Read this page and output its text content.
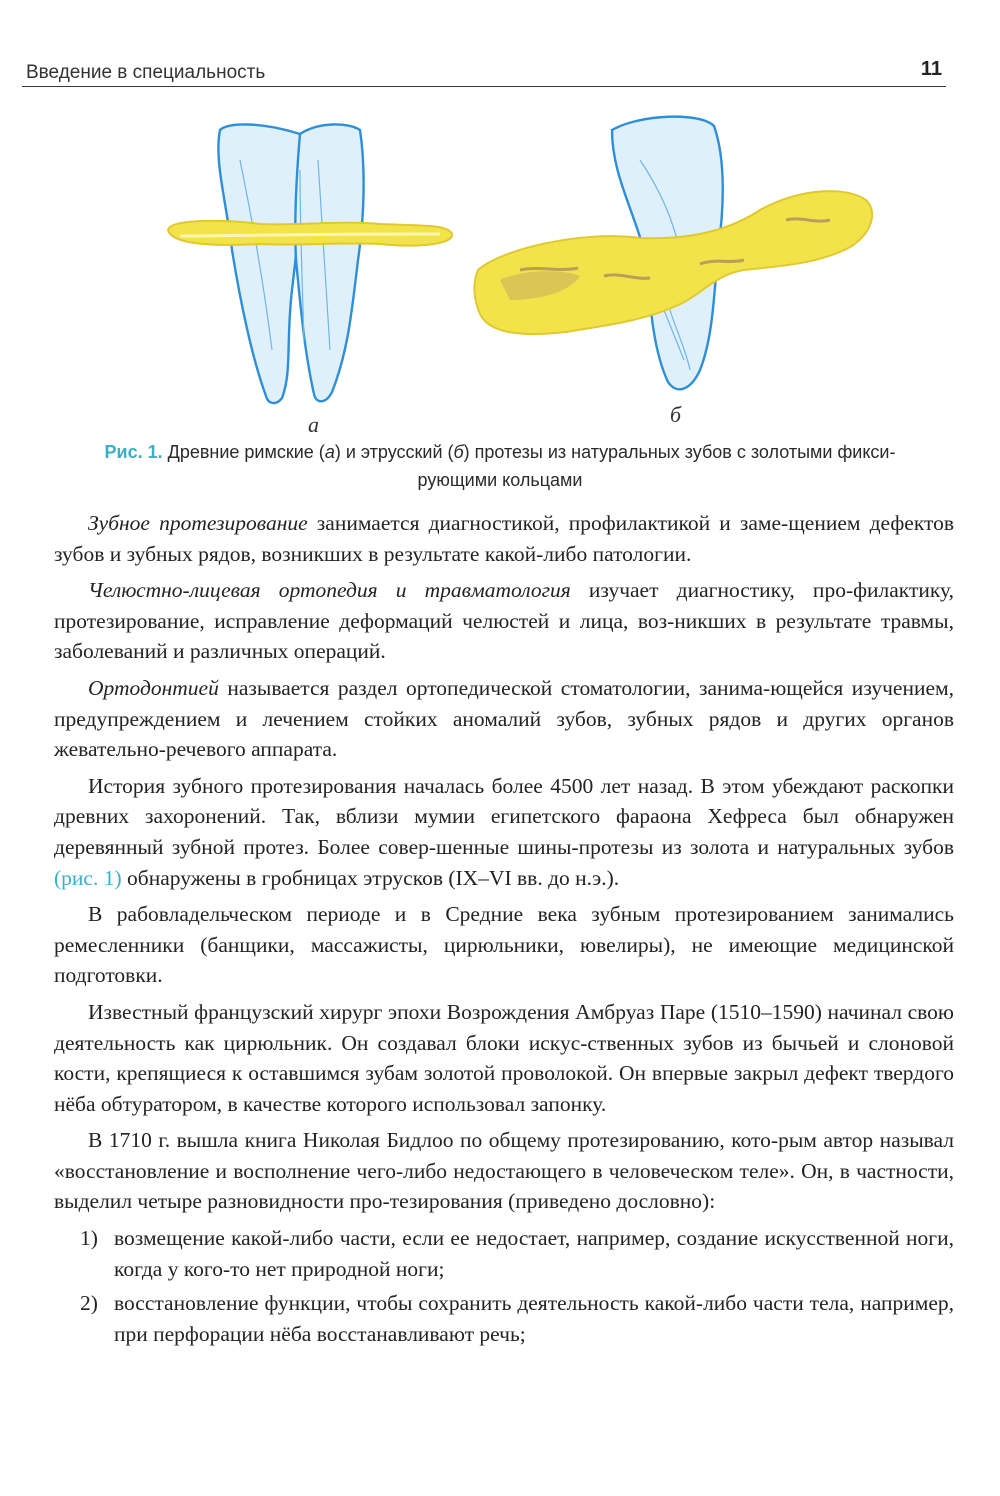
Введение в специальность	11
а	б
Рис. 1. Древние римские (а) и этрусский (б) протезы из натуральных зубов с золотыми фикси-
рующими кольцами

Зубное протезирование занимается диагностикой, профилактикой и заме-щением дефектов зубов и зубных рядов, возникших в результате какой-либо патологии.

Челюстно-лицевая ортопедия и травматология изучает диагностику, про-филактику, протезирование, исправление деформаций челюстей и лица, воз-никших в результате травмы, заболеваний и различных операций.

Ортодонтией называется раздел ортопедической стоматологии, занима-ющейся изучением, предупреждением и лечением стойких аномалий зубов, зубных рядов и других органов жевательно-речевого аппарата.

История зубного протезирования началась более 4500 лет назад. В этом убеждают раскопки древних захоронений. Так, вблизи мумии египетского фараона Хефреса был обнаружен деревянный зубной протез. Более совер-шенные шины-протезы из золота и натуральных зубов (рис. 1) обнаружены в гробницах этрусков (IX–VI вв. до н.э.).

В рабовладельческом периоде и в Средние века зубным протезированием занимались ремесленники (банщики, массажисты, цирюльники, ювелиры), не имеющие медицинской подготовки.

Известный французский хирург эпохи Возрождения Амбруаз Паре (1510–1590) начинал свою деятельность как цирюльник. Он создавал блоки искус-ственных зубов из бычьей и слоновой кости, крепящиеся к оставшимся зубам золотой проволокой. Он впервые закрыл дефект твердого нёба обтуратором, в качестве которого использовал запонку.

В 1710 г. вышла книга Николая Бидлоо по общему протезированию, кото-рым автор называл «восстановление и восполнение чего-либо недостающего в человеческом теле». Он, в частности, выделил четыре разновидности про-тезирования (приведено дословно):

1) возмещение какой-либо части, если ее недостает, например, создание искусственной ноги, когда у кого-то нет природной ноги;
2) восстановление функции, чтобы сохранить деятельность какой-либо части тела, например, при перфорации нёба восстанавливают речь;
